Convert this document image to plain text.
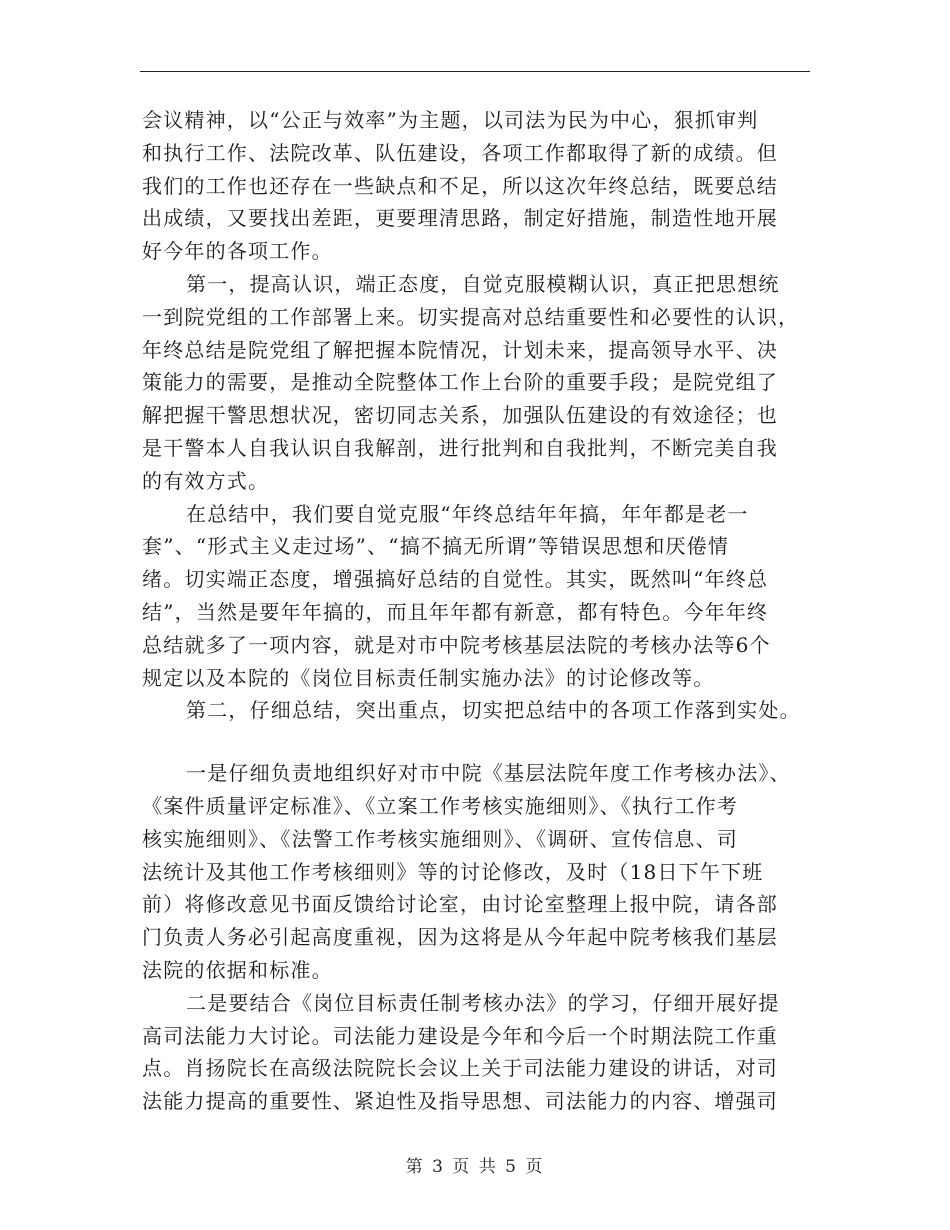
会议精神，以“公正与效率”为主题，以司法为民为中心，狠抓审判
和执行工作、法院改革、队伍建设，各项工作都取得了新的成绩。但
我们的工作也还存在一些缺点和不足，所以这次年终总结，既要总结
出成绩，又要找出差距，更要理清思路，制定好措施，制造性地开展
好今年的各项工作。
第一，提高认识，端正态度，自觉克服模糊认识，真正把思想统
一到院党组的工作部署上来。切实提高对总结重要性和必要性的认识，
年终总结是院党组了解把握本院情况，计划未来，提高领导水平、决
策能力的需要，是推动全院整体工作上台阶的重要手段；是院党组了
解把握干警思想状况，密切同志关系，加强队伍建设的有效途径；也
是干警本人自我认识自我解剖，进行批判和自我批判，不断完美自我
的有效方式。
在总结中，我们要自觉克服“年终总结年年搞，年年都是老一
套”、“形式主义走过场”、“搞不搞无所谓”等错误思想和厌倦情
绪。切实端正态度，增强搞好总结的自觉性。其实，既然叫“年终总
结”，当然是要年年搞的，而且年年都有新意，都有特色。今年年终
总结就多了一项内容，就是对市中院考核基层法院的考核办法等6个
规定以及本院的《岗位目标责任制实施办法》的讨论修改等。
第二，仔细总结，突出重点，切实把总结中的各项工作落到实处。
一是仔细负责地组织好对市中院《基层法院年度工作考核办法》、
《案件质量评定标准》、《立案工作考核实施细则》、《执行工作考
核实施细则》、《法警工作考核实施细则》、《调研、宣传信息、司
法统计及其他工作考核细则》等的讨论修改，及时（18日下午下班
前）将修改意见书面反馈给讨论室，由讨论室整理上报中院，请各部
门负责人务必引起高度重视，因为这将是从今年起中院考核我们基层
法院的依据和标准。
二是要结合《岗位目标责任制考核办法》的学习，仔细开展好提
高司法能力大讨论。司法能力建设是今年和今后一个时期法院工作重
点。肖扬院长在高级法院院长会议上关于司法能力建设的讲话，对司
法能力提高的重要性、紧迫性及指导思想、司法能力的内容、增强司
第 3 页 共 5 页
